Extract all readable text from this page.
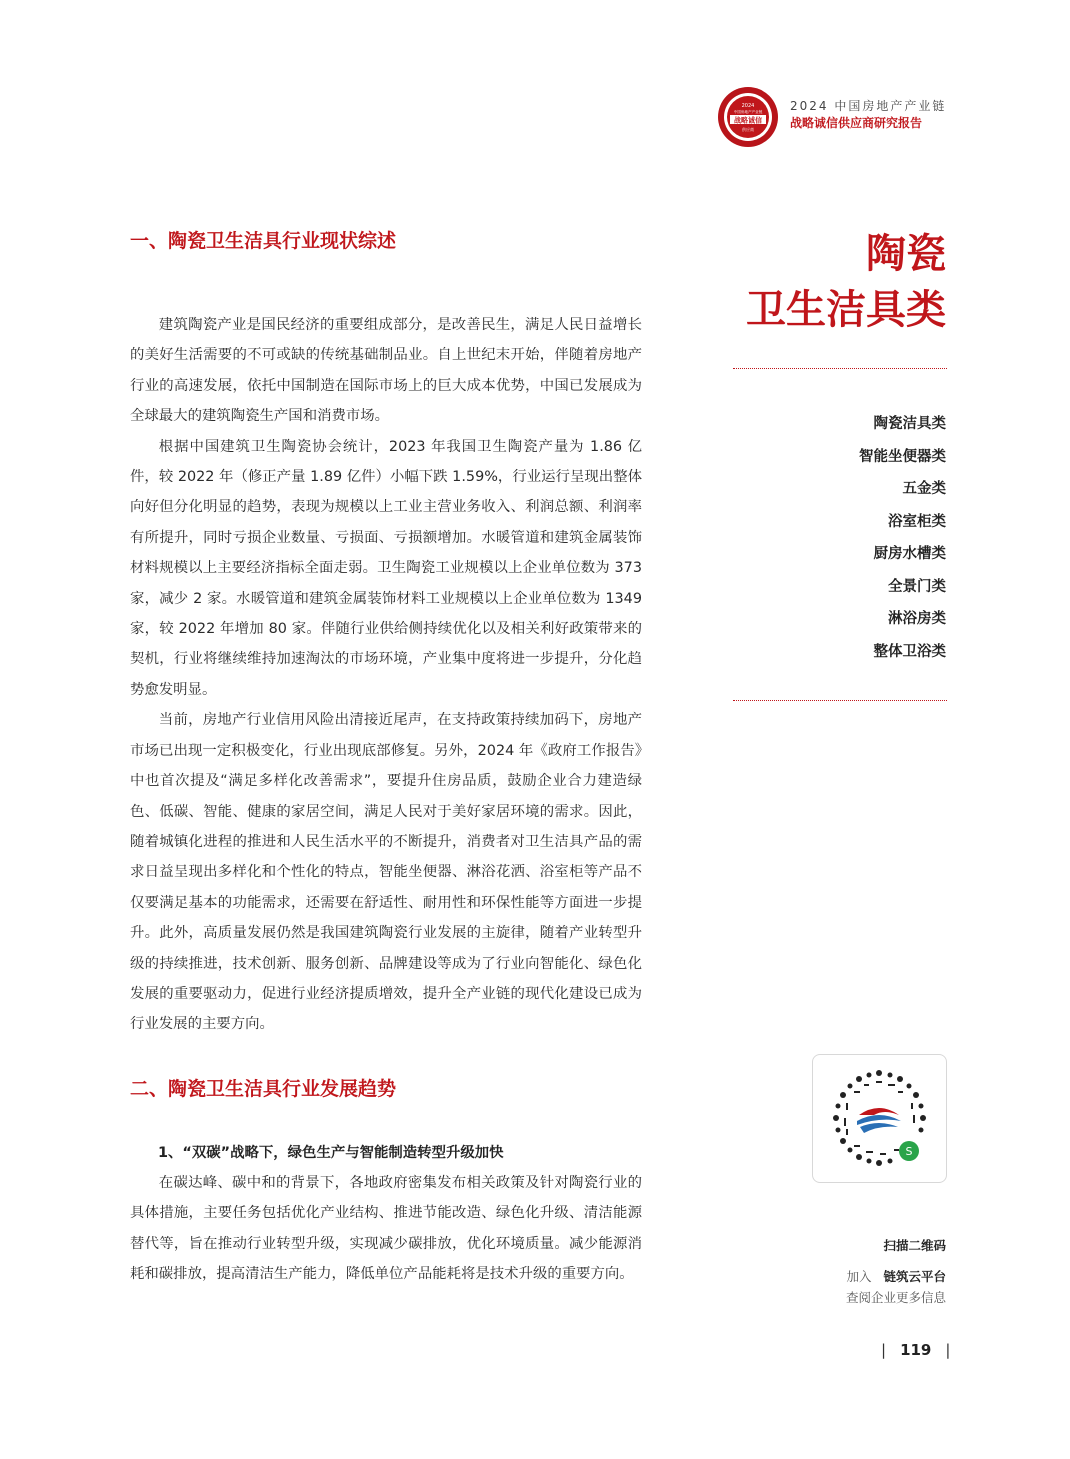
2024
中国房地产产业链
战略诚信
供应商
2024 中国房地产产业链
战略诚信供应商研究报告
一、陶瓷卫生洁具行业现状综述

建筑陶瓷产业是国民经济的重要组成部分，是改善民生，满足人民日益增长的美好生活需要的不可或缺的传统基础制品业。自上世纪末开始，伴随着房地产行业的高速发展，依托中国制造在国际市场上的巨大成本优势，中国已发展成为全球最大的建筑陶瓷生产国和消费市场。

根据中国建筑卫生陶瓷协会统计，2023 年我国卫生陶瓷产量为 1.86 亿件，较 2022 年（修正产量 1.89 亿件）小幅下跌 1.59%，行业运行呈现出整体向好但分化明显的趋势，表现为规模以上工业主营业务收入、利润总额、利润率有所提升，同时亏损企业数量、亏损面、亏损额增加。水暖管道和建筑金属装饰材料规模以上主要经济指标全面走弱。卫生陶瓷工业规模以上企业单位数为 373 家，减少 2 家。水暖管道和建筑金属装饰材料工业规模以上企业单位数为 1349 家，较 2022 年增加 80 家。伴随行业供给侧持续优化以及相关利好政策带来的契机，行业将继续维持加速淘汰的市场环境，产业集中度将进一步提升，分化趋势愈发明显。

当前，房地产行业信用风险出清接近尾声，在支持政策持续加码下，房地产市场已出现一定积极变化，行业出现底部修复。另外，2024 年《政府工作报告》中也首次提及“满足多样化改善需求”，要提升住房品质，鼓励企业合力建造绿色、低碳、智能、健康的家居空间，满足人民对于美好家居环境的需求。因此，随着城镇化进程的推进和人民生活水平的不断提升，消费者对卫生洁具产品的需求日益呈现出多样化和个性化的特点，智能坐便器、淋浴花洒、浴室柜等产品不仅要满足基本的功能需求，还需要在舒适性、耐用性和环保性能等方面进一步提升。此外，高质量发展仍然是我国建筑陶瓷行业发展的主旋律，随着产业转型升级的持续推进，技术创新、服务创新、品牌建设等成为了行业向智能化、绿色化发展的重要驱动力，促进行业经济提质增效，提升全产业链的现代化建设已成为行业发展的主要方向。

二、陶瓷卫生洁具行业发展趋势

1、“双碳”战略下，绿色生产与智能制造转型升级加快

在碳达峰、碳中和的背景下，各地政府密集发布相关政策及针对陶瓷行业的具体措施，主要任务包括优化产业结构、推进节能改造、绿色化升级、清洁能源替代等，旨在推动行业转型升级，实现减少碳排放，优化环境质量。减少能源消耗和碳排放，提高清洁生产能力，降低单位产品能耗将是技术升级的重要方向。

陶瓷
卫生洁具类
陶瓷洁具类
智能坐便器类
五金类
浴室柜类
厨房水槽类
全景门类
淋浴房类
整体卫浴类
S
扫描二维码
加入 链筑云平台
查阅企业更多信息
| 119 |
